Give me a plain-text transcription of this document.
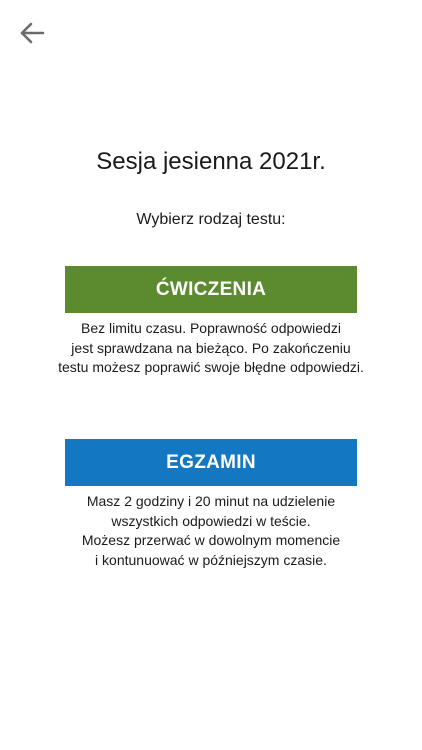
Sesja jesienna 2021r.
Wybierz rodzaj testu:
ĆWICZENIA
Bez limitu czasu. Poprawność odpowiedzi
jest sprawdzana na bieżąco. Po zakończeniu
testu możesz poprawić swoje błędne odpowiedzi.
EGZAMIN
Masz 2 godziny i 20 minut na udzielenie
wszystkich odpowiedzi w teście.
Możesz przerwać w dowolnym momencie
i kontunuować w późniejszym czasie.
